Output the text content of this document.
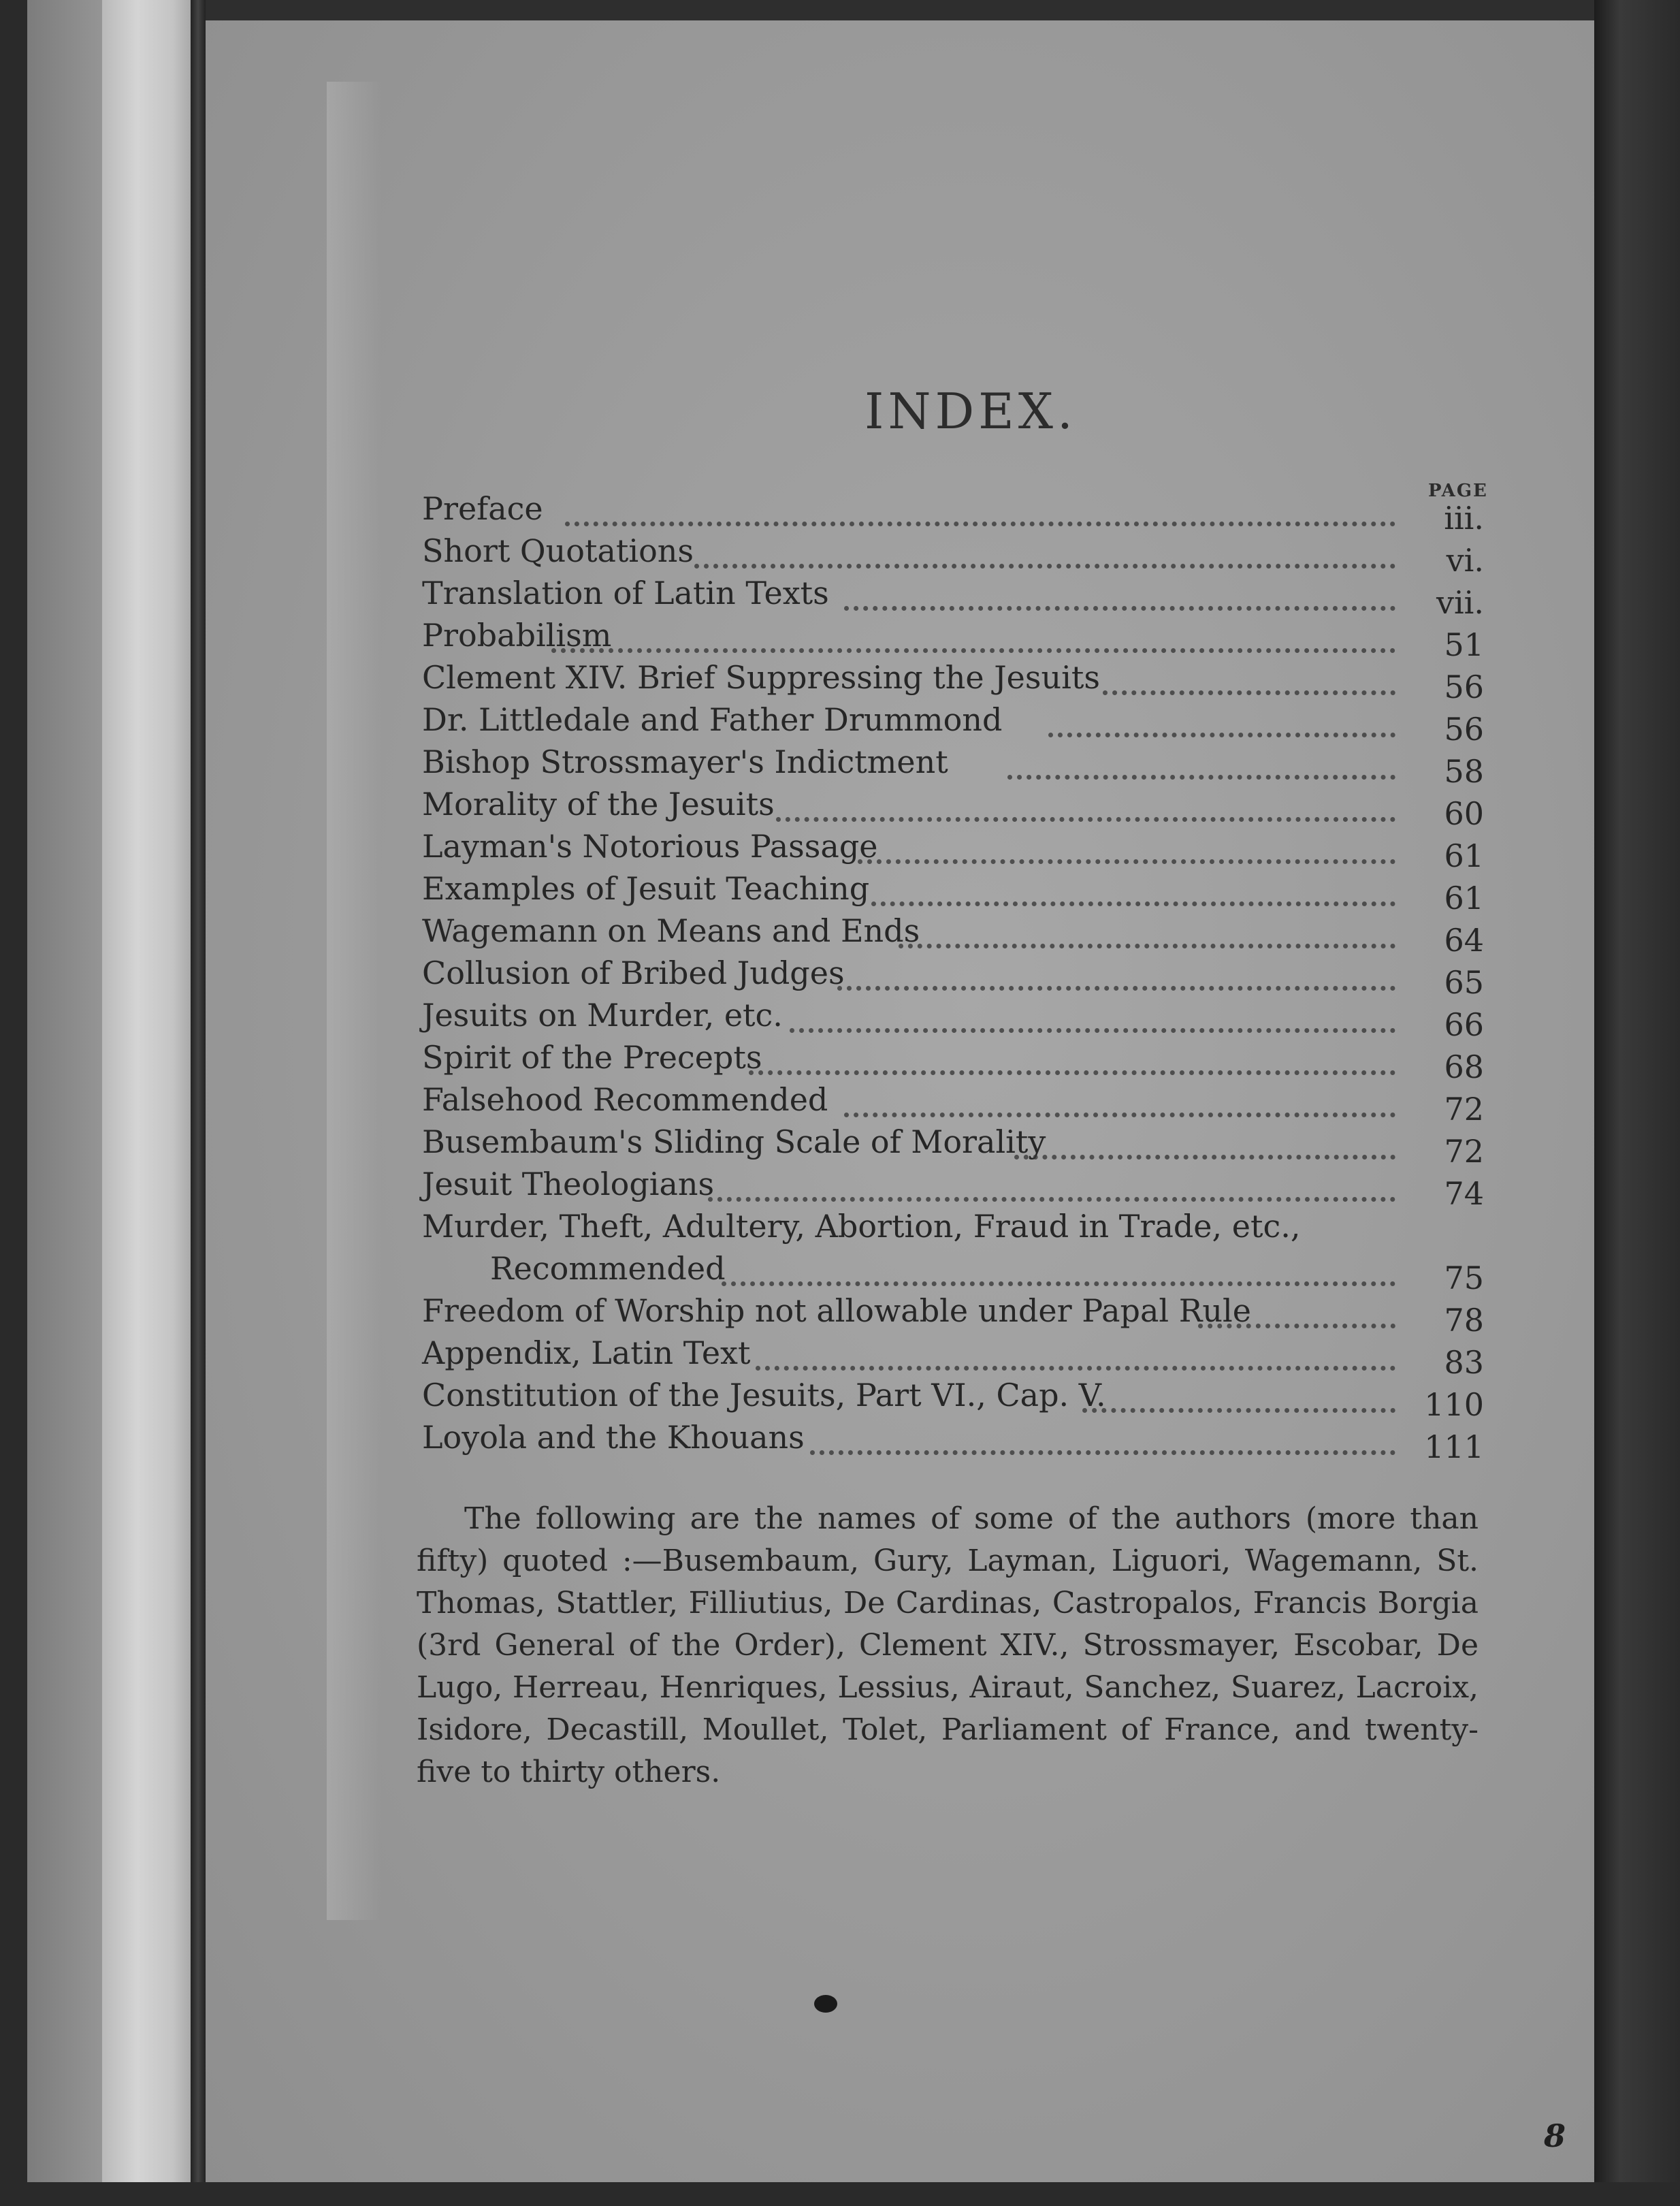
INDEX.
PAGE
Preface	iii.
Short Quotations	vi.
Translation of Latin Texts	vii.
Probabilism	51
Clement XIV. Brief Suppressing the Jesuits	56
Dr. Littledale and Father Drummond	56
Bishop Strossmayer's Indictment	58
Morality of the Jesuits	60
Layman's Notorious Passage	61
Examples of Jesuit Teaching	61
Wagemann on Means and Ends	64
Collusion of Bribed Judges	65
Jesuits on Murder, etc.	66
Spirit of the Precepts	68
Falsehood Recommended	72
Busembaum's Sliding Scale of Morality	72
Jesuit Theologians	74
Murder, Theft, Adultery, Abortion, Fraud in Trade, etc.,
Recommended	75
Freedom of Worship not allowable under Papal Rule	78
Appendix, Latin Text	83
Constitution of the Jesuits, Part VI., Cap. V.	110
Loyola and the Khouans	111

The following are the names of some of the authors (more than fifty) quoted :—Busembaum, Gury, Layman, Liguori, Wagemann, St. Thomas, Stattler, Filliutius, De Cardinas, Castropalos, Francis Borgia (3rd General of the Order), Clement XIV., Strossmayer, Escobar, De Lugo, Herreau, Henriques, Lessius, Airaut, Sanchez, Suarez, Lacroix, Isidore, Decastill, Moullet, Tolet, Parliament of France, and twenty-five to thirty others.

8
